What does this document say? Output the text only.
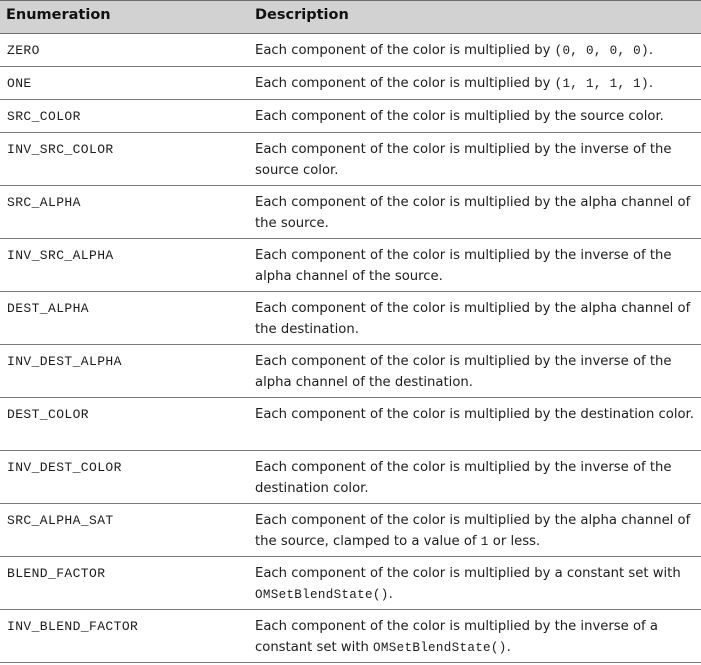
Enumeration	Description
ZERO	Each component of the color is multiplied by (0, 0, 0, 0).
ONE	Each component of the color is multiplied by (1, 1, 1, 1).
SRC_COLOR	Each component of the color is multiplied by the source color.
INV_SRC_COLOR	Each component of the color is multiplied by the inverse of the source color.
SRC_ALPHA	Each component of the color is multiplied by the alpha channel of the source.
INV_SRC_ALPHA	Each component of the color is multiplied by the inverse of the alpha channel of the source.
DEST_ALPHA	Each component of the color is multiplied by the alpha channel of the destination.
INV_DEST_ALPHA	Each component of the color is multiplied by the inverse of the alpha channel of the destination.
DEST_COLOR	Each component of the color is multiplied by the destination color.
INV_DEST_COLOR	Each component of the color is multiplied by the inverse of the destination color.
SRC_ALPHA_SAT	Each component of the color is multiplied by the alpha channel of the source, clamped to a value of 1 or less.
BLEND_FACTOR	Each component of the color is multiplied by a constant set with OMSetBlendState().
INV_BLEND_FACTOR	Each component of the color is multiplied by the inverse of a constant set with OMSetBlendState().
